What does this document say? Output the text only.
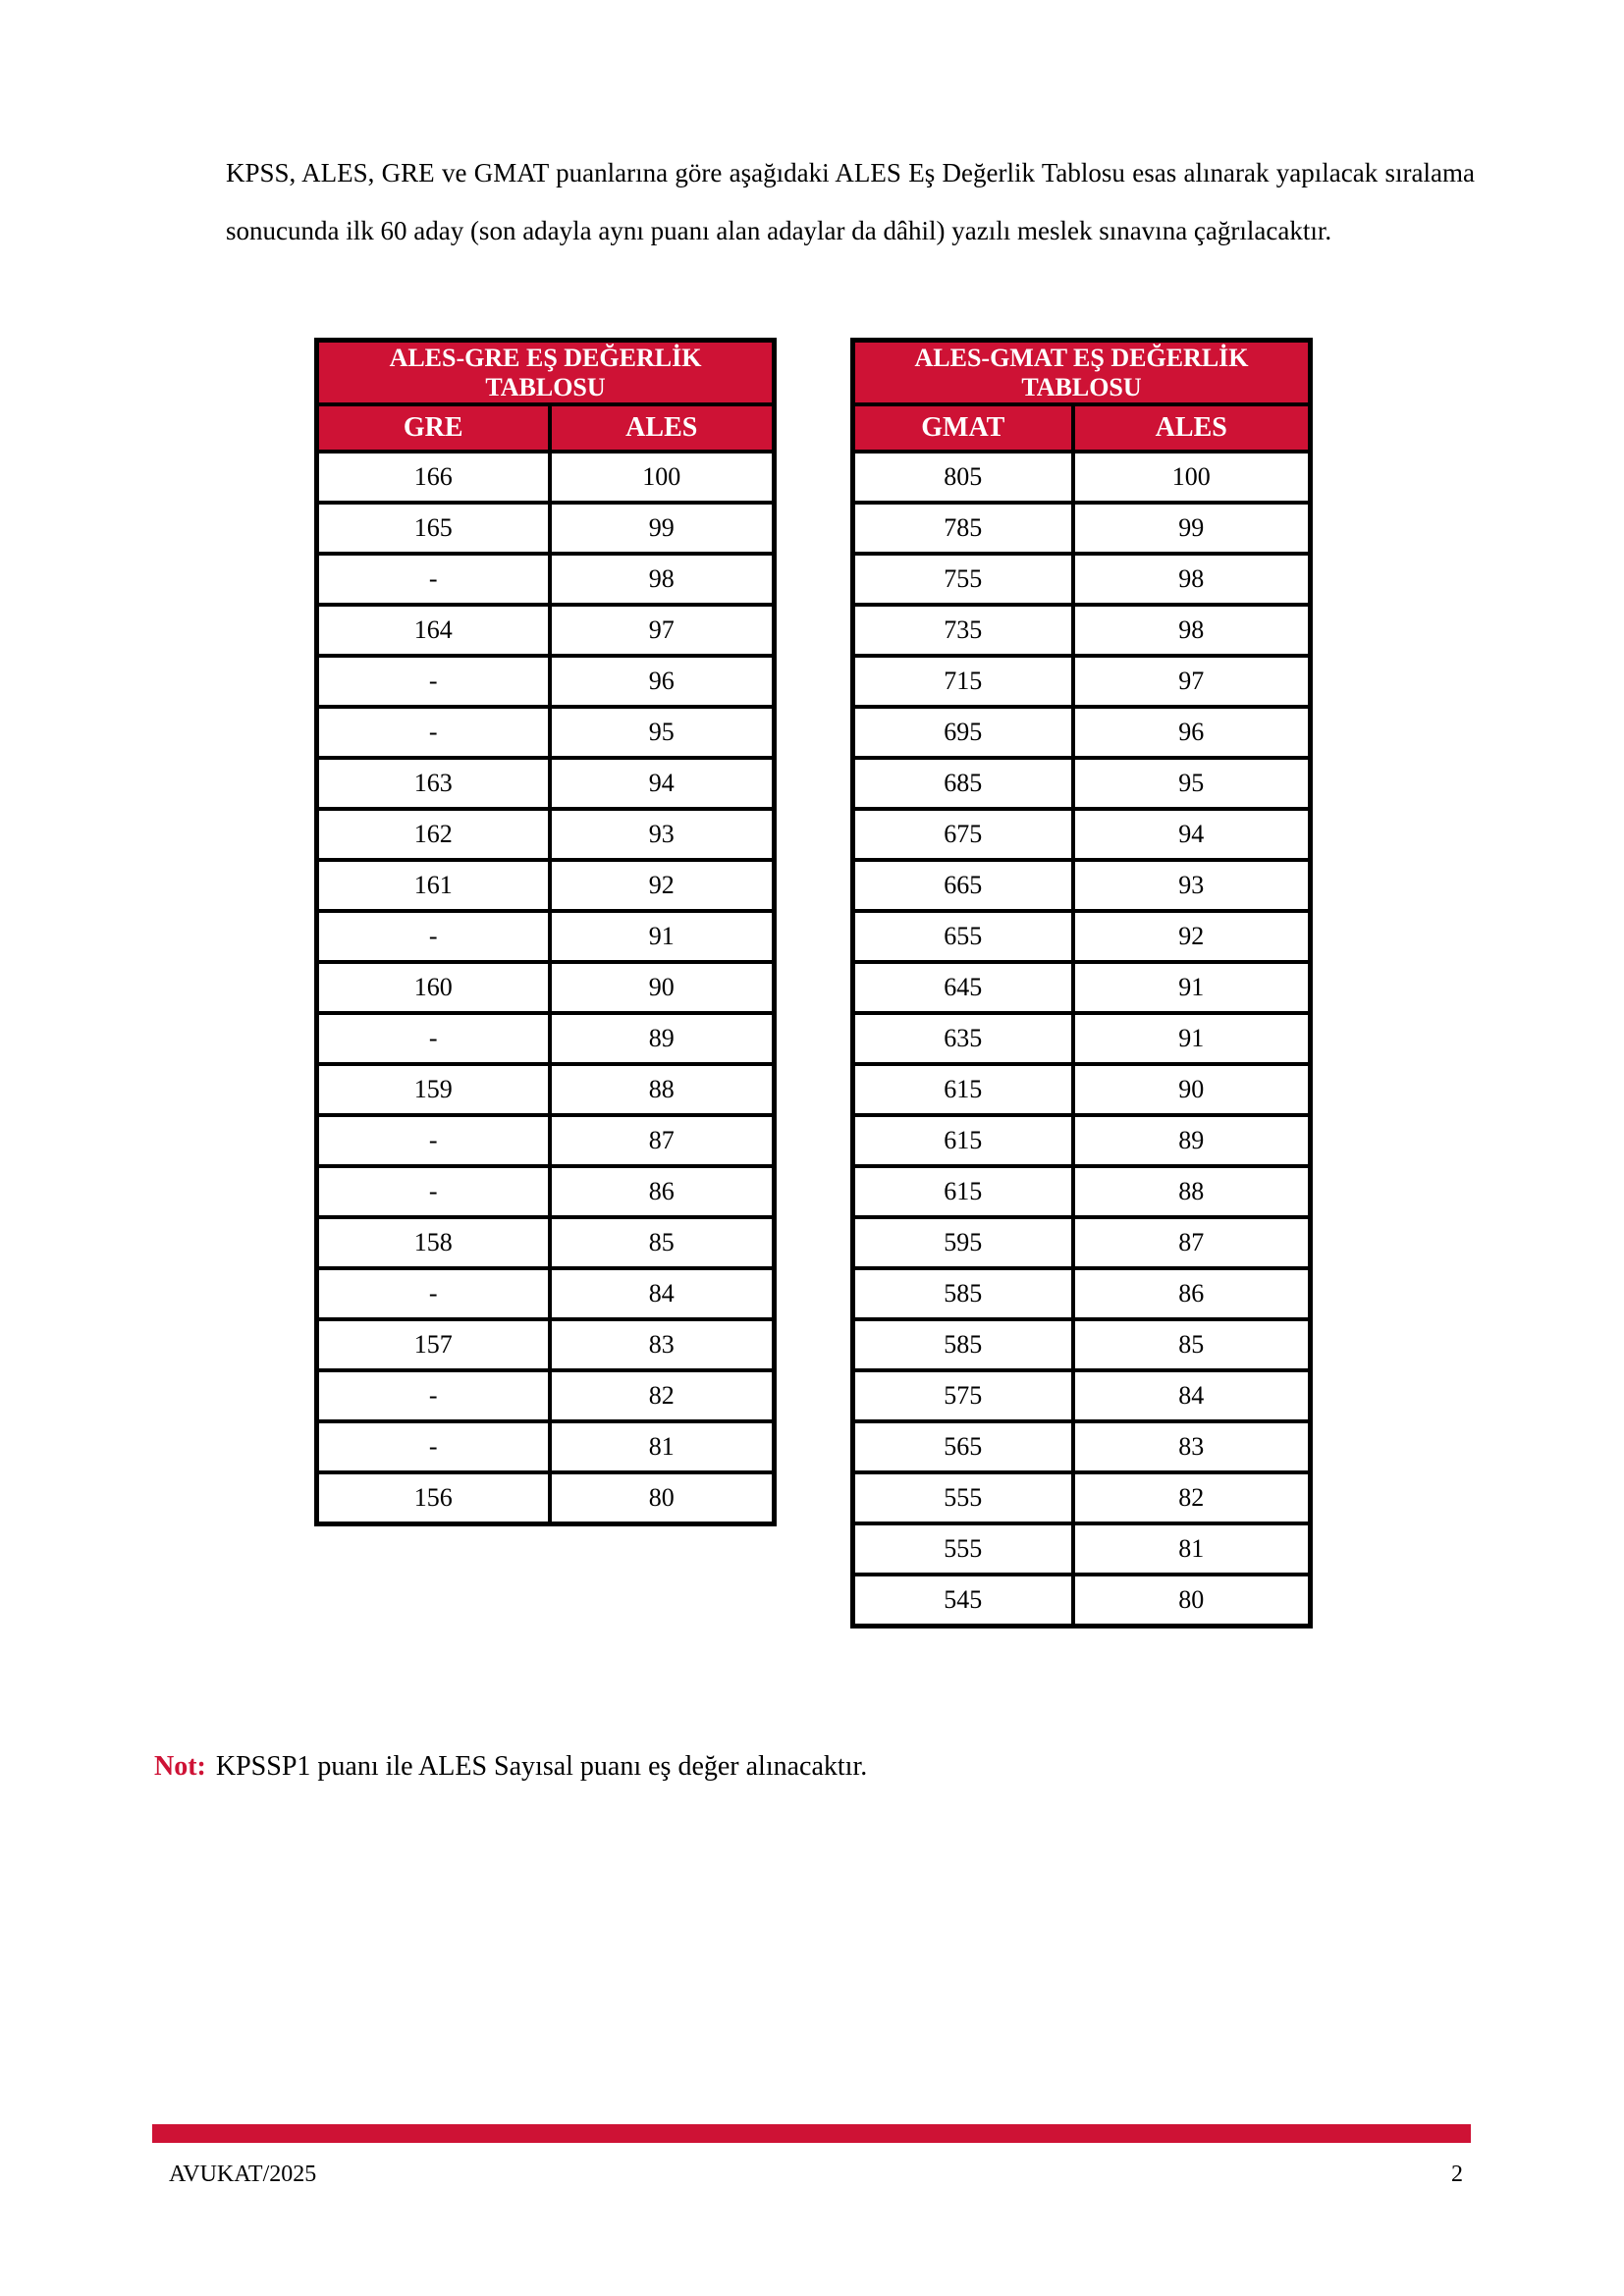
KPSS, ALES, GRE ve GMAT puanlarına göre aşağıdaki ALES Eş Değerlik Tablosu esas alınarak yapılacak sıralama sonucunda ilk 60 aday (son adayla aynı puanı alan adaylar da dâhil) yazılı meslek sınavına çağrılacaktır.

ALES-GRE EŞ DEĞERLİK
TABLOSU	
GRE	ALES
166	100
165	99
-	98
164	97
-	96
-	95
163	94
162	93
161	92
-	91
160	90
-	89
159	88
-	87
-	86
158	85
-	84
157	83
-	82
-	81
156	80
ALES-GMAT EŞ DEĞERLİK
TABLOSU	
GMAT	ALES
805	100
785	99
755	98
735	98
715	97
695	96
685	95
675	94
665	93
655	92
645	91
635	91
615	90
615	89
615	88
595	87
585	86
585	85
575	84
565	83
555	82
555	81
545	80

Not: KPSSP1 puanı ile ALES Sayısal puanı eş değer alınacaktır.

AVUKAT/2025	2
